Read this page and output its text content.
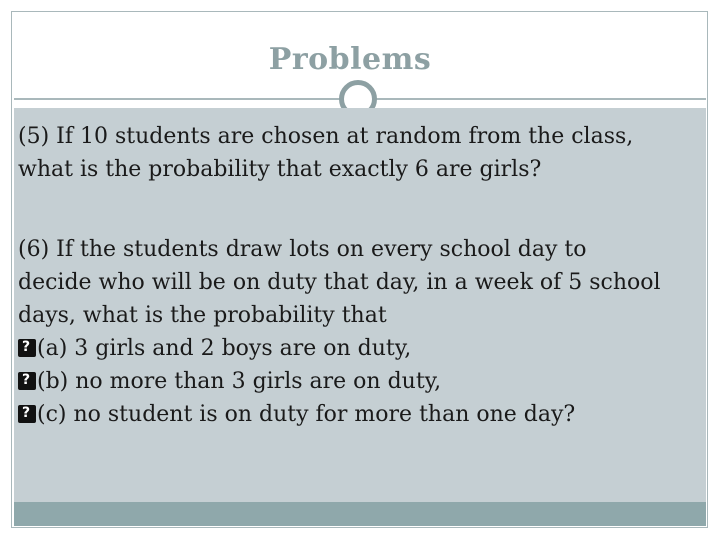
Problems
(5) If 10 students are chosen at random from the class,
what is the probability that exactly 6 are girls?
(6) If the students draw lots on every school day to
decide who will be on duty that day, in a week of 5 school
days, what is the probability that
?(a) 3 girls and 2 boys are on duty,
?(b) no more than 3 girls are on duty,
?(c) no student is on duty for more than one day?
